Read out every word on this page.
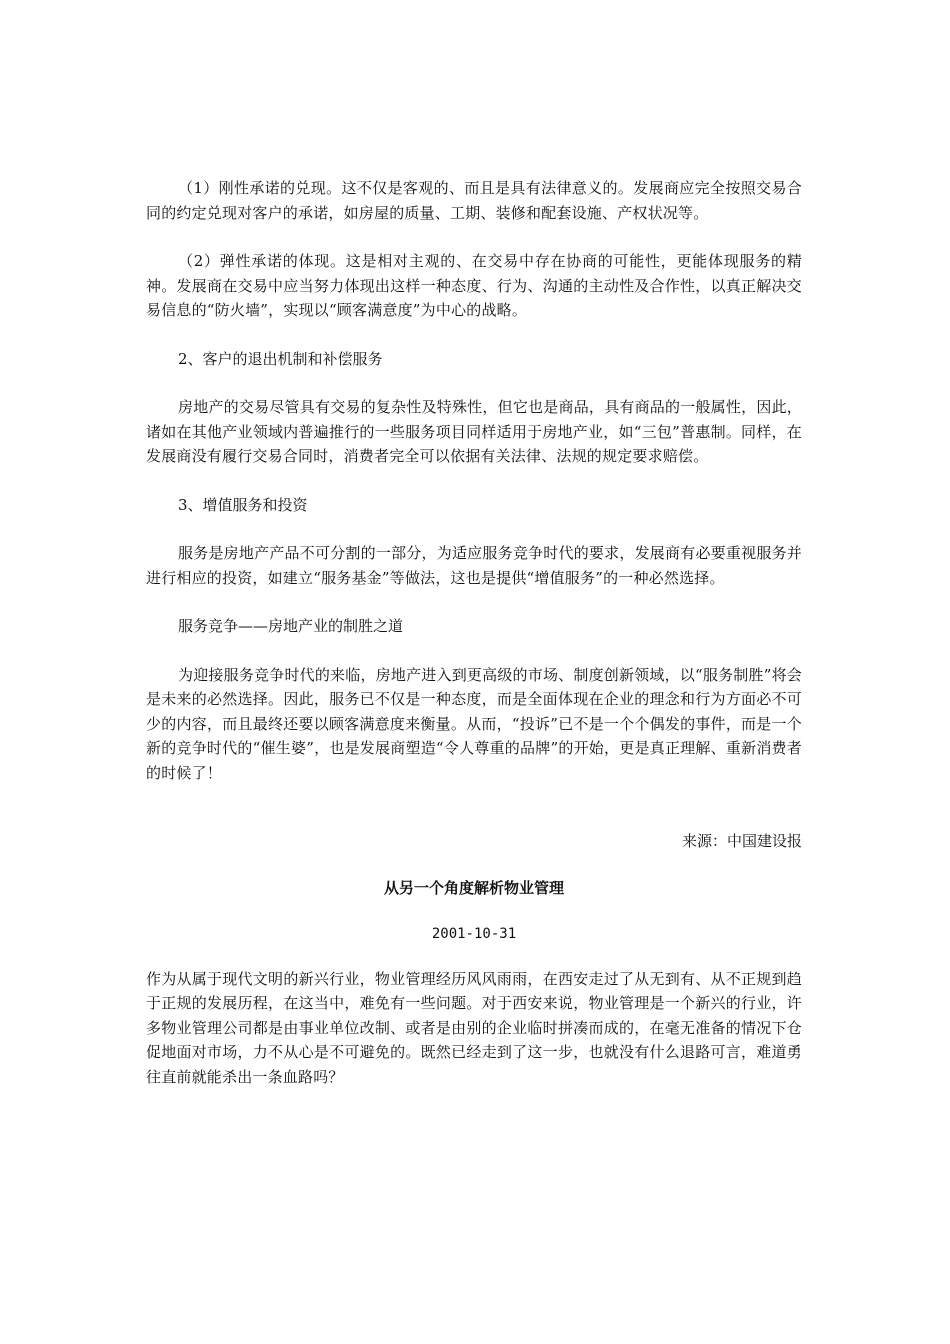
（1）刚性承诺的兑现。这不仅是客观的、而且是具有法律意义的。发展商应完全按照交易合同的约定兑现对客户的承诺，如房屋的质量、工期、装修和配套设施、产权状况等。

（2）弹性承诺的体现。这是相对主观的、在交易中存在协商的可能性，更能体现服务的精神。发展商在交易中应当努力体现出这样一种态度、行为、沟通的主动性及合作性，以真正解决交易信息的“防火墙”，实现以“顾客满意度”为中心的战略。

2、客户的退出机制和补偿服务

房地产的交易尽管具有交易的复杂性及特殊性，但它也是商品，具有商品的一般属性，因此，诸如在其他产业领域内普遍推行的一些服务项目同样适用于房地产业，如“三包”普惠制。同样，在发展商没有履行交易合同时，消费者完全可以依据有关法律、法规的规定要求赔偿。

3、增值服务和投资

服务是房地产产品不可分割的一部分，为适应服务竞争时代的要求，发展商有必要重视服务并进行相应的投资，如建立“服务基金”等做法，这也是提供“增值服务”的一种必然选择。

服务竞争——房地产业的制胜之道

为迎接服务竞争时代的来临，房地产进入到更高级的市场、制度创新领域，以“服务制胜”将会是未来的必然选择。因此，服务已不仅是一种态度，而是全面体现在企业的理念和行为方面必不可少的内容，而且最终还要以顾客满意度来衡量。从而，“投诉”已不是一个个偶发的事件，而是一个新的竞争时代的“催生婆”，也是发展商塑造“令人尊重的品牌”的开始，更是真正理解、重新消费者的时候了！

来源：中国建设报

从另一个角度解析物业管理

2001-10-31

作为从属于现代文明的新兴行业，物业管理经历风风雨雨，在西安走过了从无到有、从不正规到趋于正规的发展历程，在这当中，难免有一些问题。对于西安来说，物业管理是一个新兴的行业，许多物业管理公司都是由事业单位改制、或者是由别的企业临时拼凑而成的，在毫无准备的情况下仓促地面对市场，力不从心是不可避免的。既然已经走到了这一步，也就没有什么退路可言，难道勇往直前就能杀出一条血路吗？
